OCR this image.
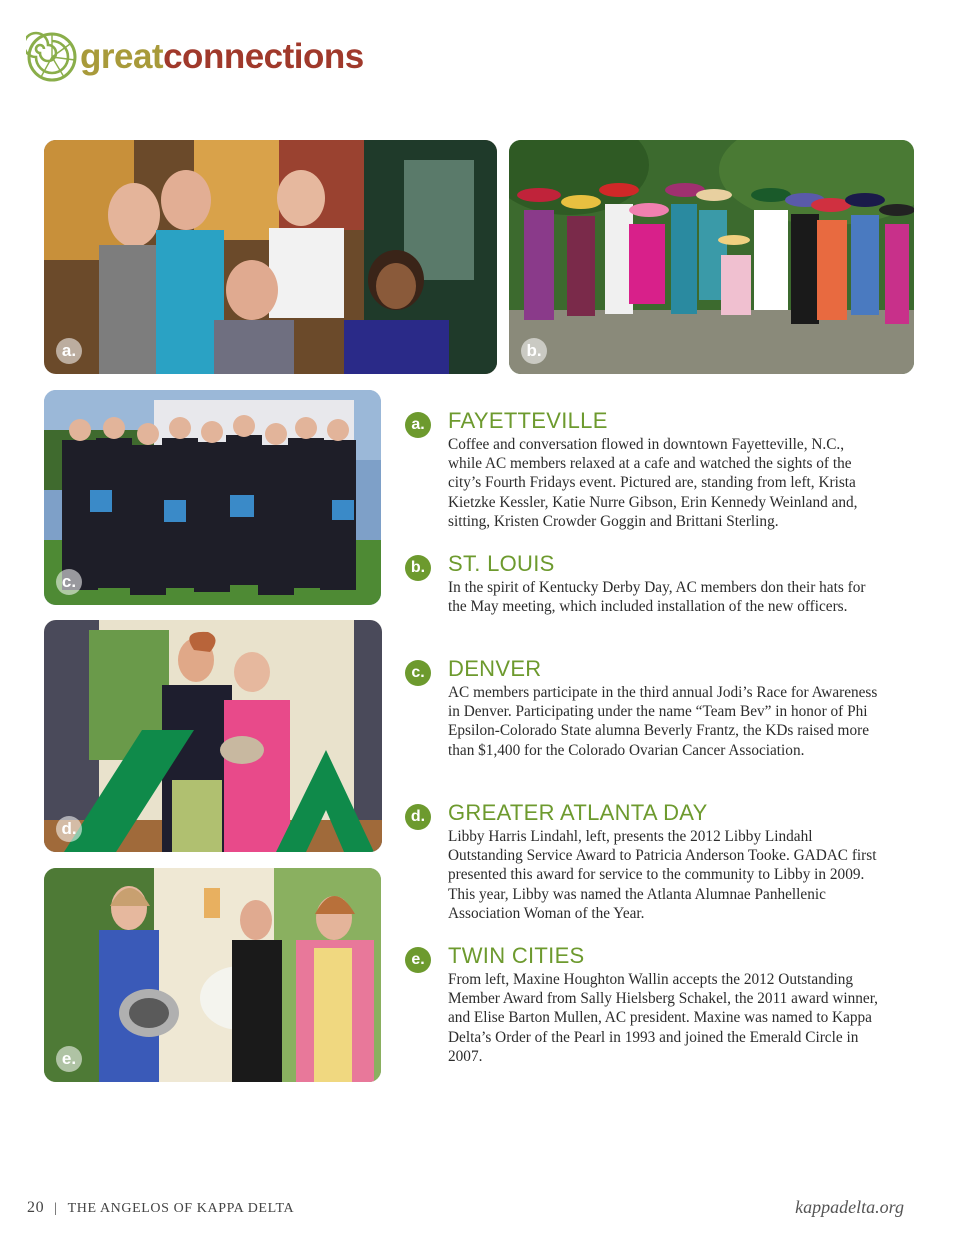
greatconnections
a.	b.
c.
d.
e.
a. FAYETTEVILLE
Coffee and conversation flowed in downtown Fayetteville, N.C., while AC members relaxed at a cafe and watched the sights of the city’s Fourth Fridays event. Pictured are, standing from left, Krista Kietzke Kessler, Katie Nurre Gibson, Erin Kennedy Weinland and, sitting, Kristen Crowder Goggin and Brittani Sterling.
b. ST. LOUIS
In the spirit of Kentucky Derby Day, AC members don their hats for the May meeting, which included installation of the new officers.
c. DENVER
AC members participate in the third annual Jodi’s Race for Awareness in Denver. Participating under the name “Team Bev” in honor of Phi Epsilon-Colorado State alumna Beverly Frantz, the KDs raised more than $1,400 for the Colorado Ovarian Cancer Association.
d. GREATER ATLANTA DAY
Libby Harris Lindahl, left, presents the 2012 Libby Lindahl Outstanding Service Award to Patricia Anderson Tooke. GADAC first presented this award for service to the community to Libby in 2009. This year, Libby was named the Atlanta Alumnae Panhellenic Association Woman of the Year.
e. TWIN CITIES
From left, Maxine Houghton Wallin accepts the 2012 Outstanding Member Award from Sally Hielsberg Schakel, the 2011 award winner, and Elise Barton Mullen, AC president. Maxine was named to Kappa Delta’s Order of the Pearl in 1993 and joined the Emerald Circle in 2007.
20 | THE ANGELOS OF KAPPA DELTA	kappadelta.org
